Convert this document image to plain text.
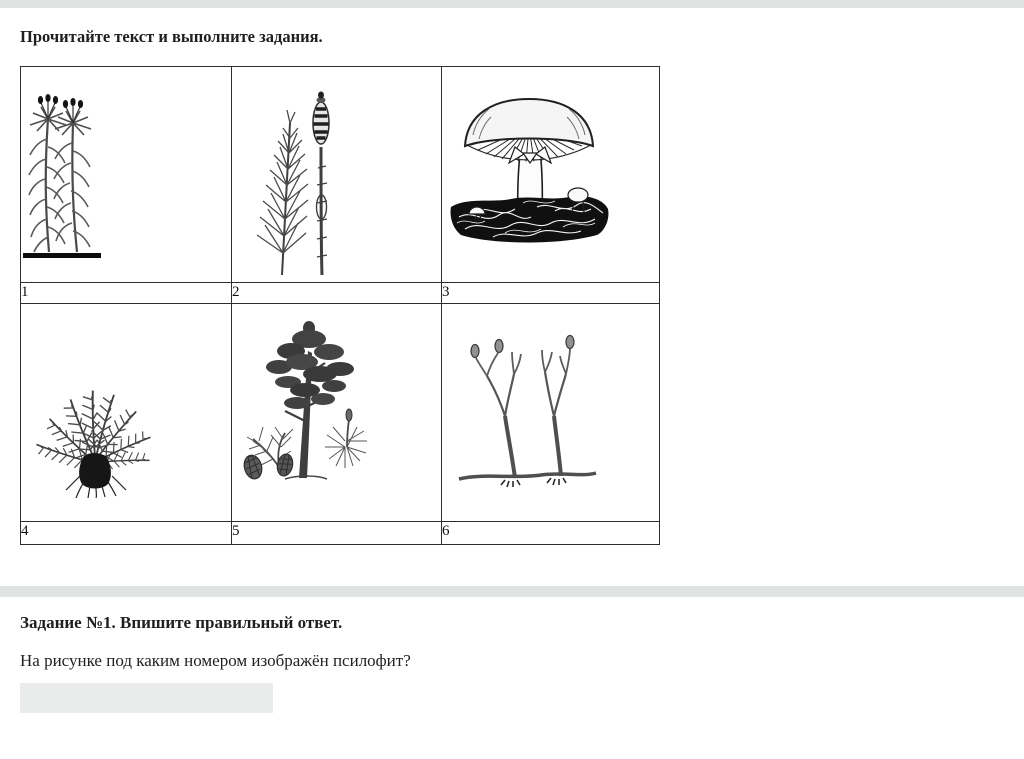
Прочитайте текст и выполните задания.

1	2	3

4	5	6
Задание №1. Впишите правильный ответ.
На рисунке под каким номером изображён псилофит?
